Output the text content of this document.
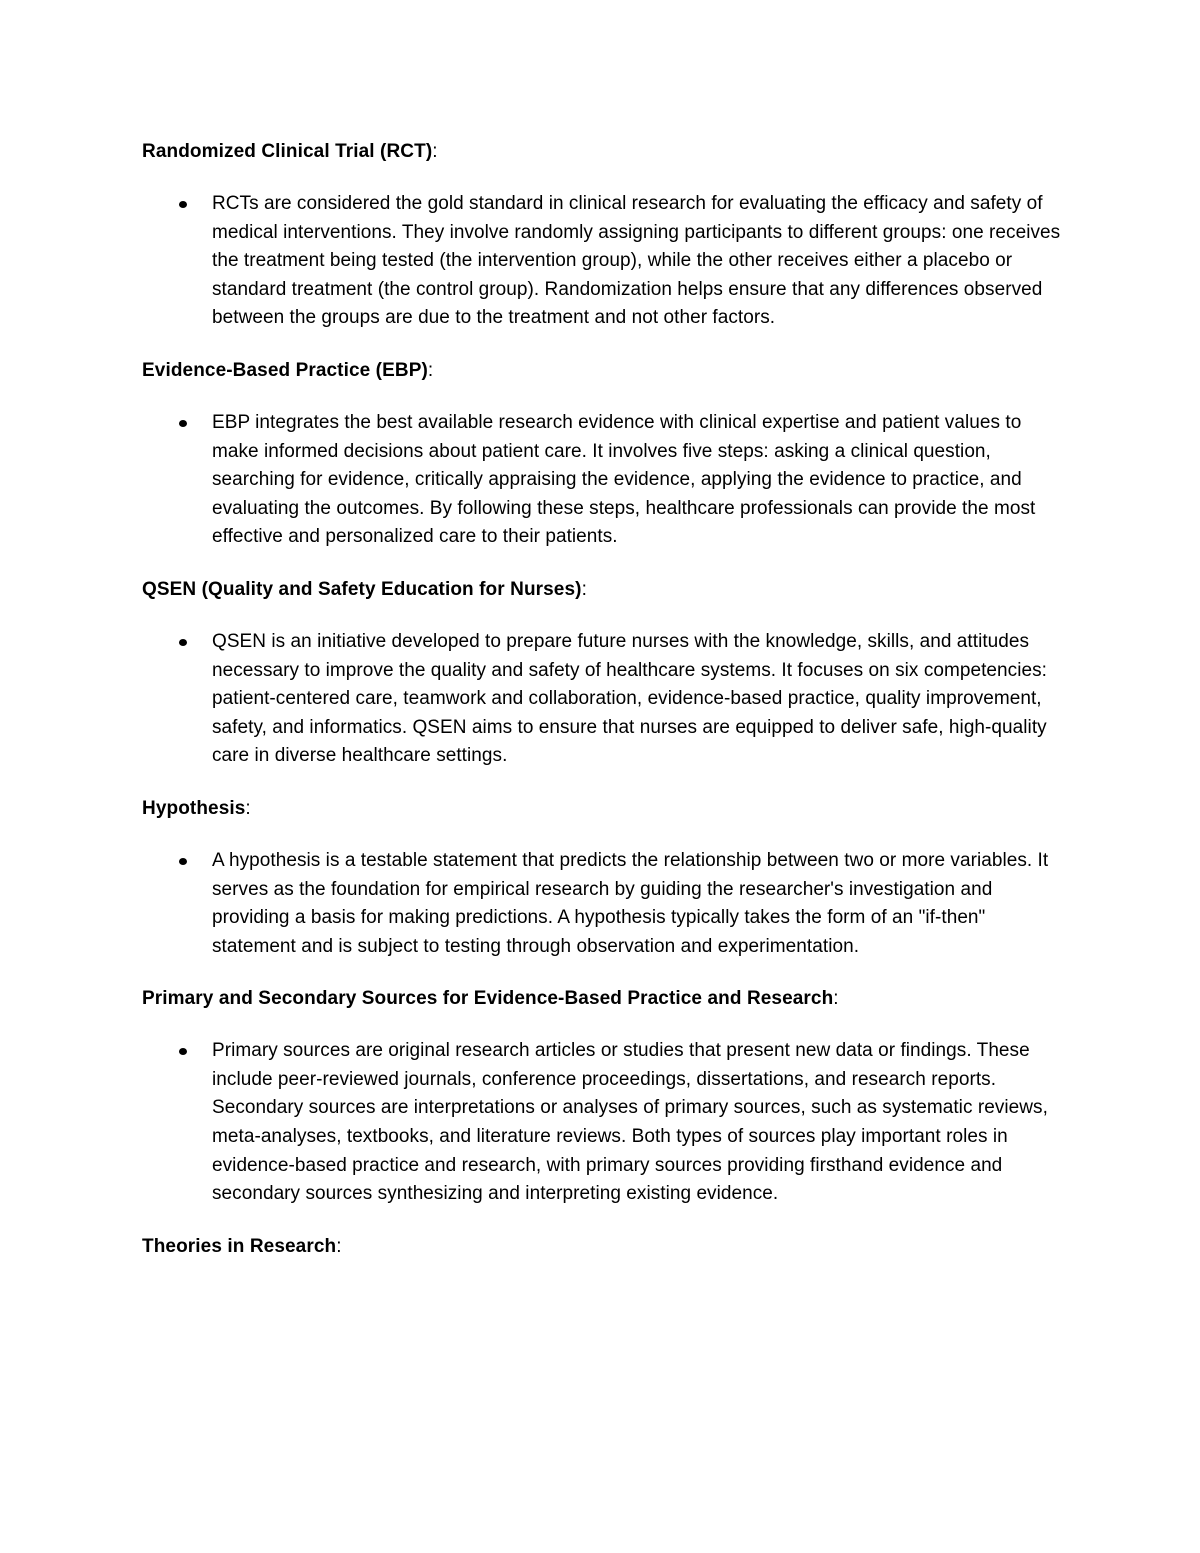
Randomized Clinical Trial (RCT):

RCTs are considered the gold standard in clinical research for evaluating the efficacy and safety of medical interventions. They involve randomly assigning participants to different groups: one receives the treatment being tested (the intervention group), while the other receives either a placebo or standard treatment (the control group). Randomization helps ensure that any differences observed between the groups are due to the treatment and not other factors.

Evidence-Based Practice (EBP):

EBP integrates the best available research evidence with clinical expertise and patient values to make informed decisions about patient care. It involves five steps: asking a clinical question, searching for evidence, critically appraising the evidence, applying the evidence to practice, and evaluating the outcomes. By following these steps, healthcare professionals can provide the most effective and personalized care to their patients.

QSEN (Quality and Safety Education for Nurses):

QSEN is an initiative developed to prepare future nurses with the knowledge, skills, and attitudes necessary to improve the quality and safety of healthcare systems. It focuses on six competencies: patient-centered care, teamwork and collaboration, evidence-based practice, quality improvement, safety, and informatics. QSEN aims to ensure that nurses are equipped to deliver safe, high-quality care in diverse healthcare settings.

Hypothesis:

A hypothesis is a testable statement that predicts the relationship between two or more variables. It serves as the foundation for empirical research by guiding the researcher's investigation and providing a basis for making predictions. A hypothesis typically takes the form of an "if-then" statement and is subject to testing through observation and experimentation.

Primary and Secondary Sources for Evidence-Based Practice and Research:

Primary sources are original research articles or studies that present new data or findings. These include peer-reviewed journals, conference proceedings, dissertations, and research reports. Secondary sources are interpretations or analyses of primary sources, such as systematic reviews, meta-analyses, textbooks, and literature reviews. Both types of sources play important roles in evidence-based practice and research, with primary sources providing firsthand evidence and secondary sources synthesizing and interpreting existing evidence.

Theories in Research:
